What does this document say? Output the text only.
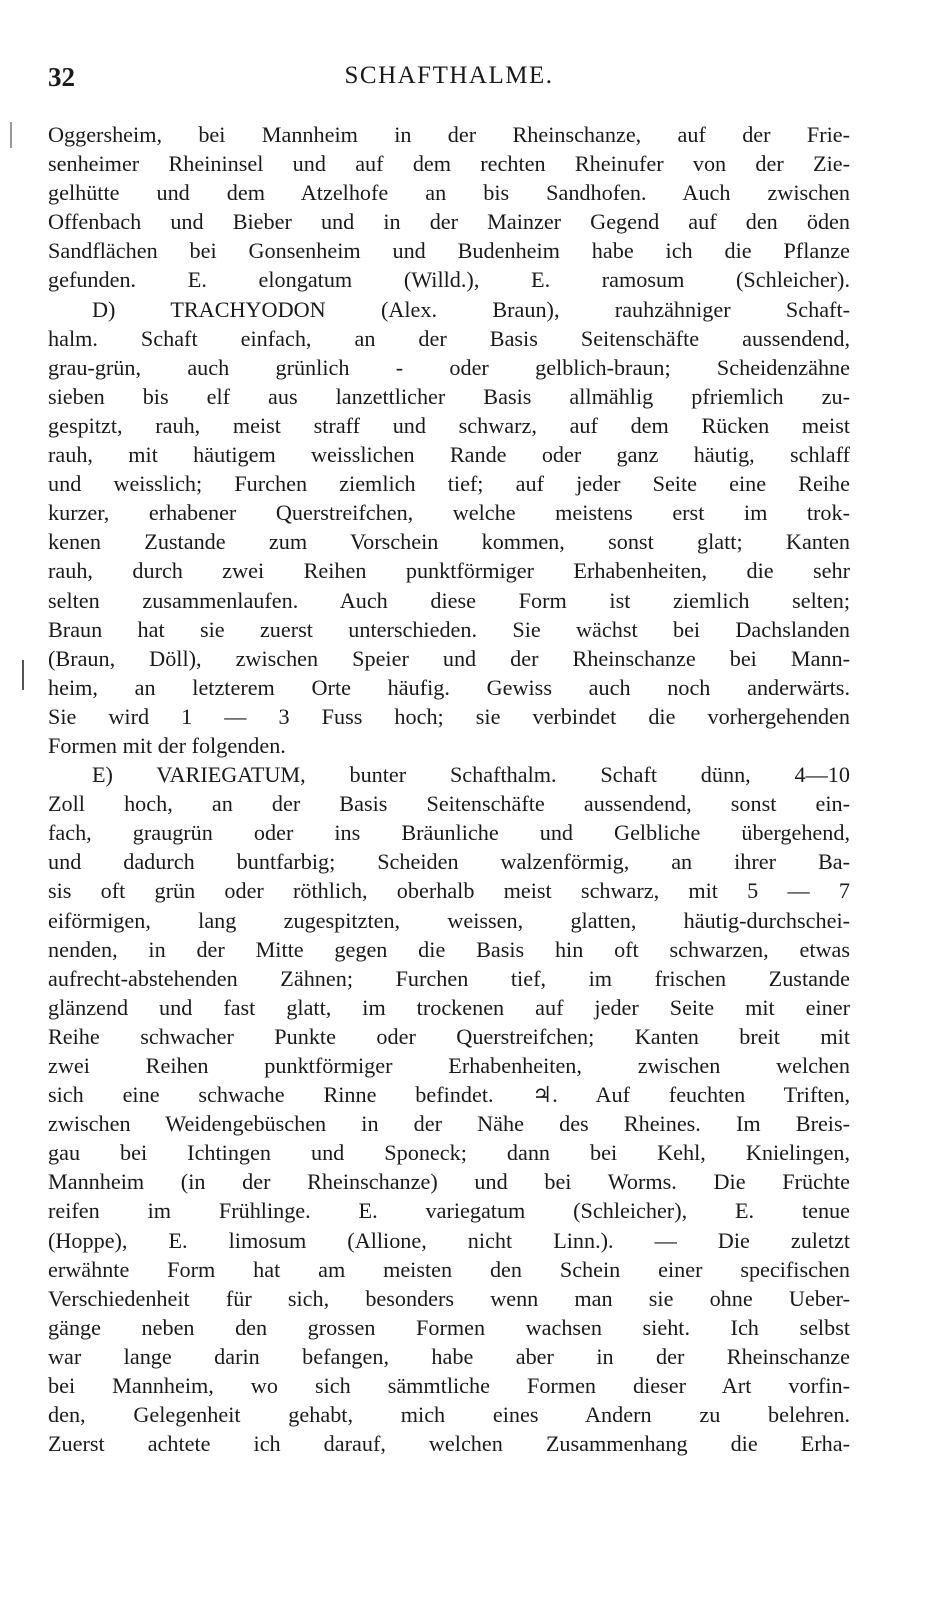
32	SCHAFTHALME.
Oggersheim, bei Mannheim in der Rheinschanze, auf der Frie-
senheimer Rheininsel und auf dem rechten Rheinufer von der Zie-
gelhütte und dem Atzelhofe an bis Sandhofen. Auch zwischen
Offenbach und Bieber und in der Mainzer Gegend auf den öden
Sandflächen bei Gonsenheim und Budenheim habe ich die Pflanze
gefunden. E. elongatum (Willd.), E. ramosum (Schleicher).
D) TRACHYODON (Alex. Braun), rauhzähniger Schaft-
halm. Schaft einfach, an der Basis Seitenschäfte aussendend,
grau-grün, auch grünlich - oder gelblich-braun; Scheidenzähne
sieben bis elf aus lanzettlicher Basis allmählig pfriemlich zu-
gespitzt, rauh, meist straff und schwarz, auf dem Rücken meist
rauh, mit häutigem weisslichen Rande oder ganz häutig, schlaff
und weisslich; Furchen ziemlich tief; auf jeder Seite eine Reihe
kurzer, erhabener Querstreifchen, welche meistens erst im trok-
kenen Zustande zum Vorschein kommen, sonst glatt; Kanten
rauh, durch zwei Reihen punktförmiger Erhabenheiten, die sehr
selten zusammenlaufen. Auch diese Form ist ziemlich selten;
Braun hat sie zuerst unterschieden. Sie wächst bei Dachslanden
(Braun, Döll), zwischen Speier und der Rheinschanze bei Mann-
heim, an letzterem Orte häufig. Gewiss auch noch anderwärts.
Sie wird 1 — 3 Fuss hoch; sie verbindet die vorhergehenden
Formen mit der folgenden.
E) VARIEGATUM, bunter Schafthalm. Schaft dünn, 4—10
Zoll hoch, an der Basis Seitenschäfte aussendend, sonst ein-
fach, graugrün oder ins Bräunliche und Gelbliche übergehend,
und dadurch buntfarbig; Scheiden walzenförmig, an ihrer Ba-
sis oft grün oder röthlich, oberhalb meist schwarz, mit 5 — 7
eiförmigen, lang zugespitzten, weissen, glatten, häutig-durchschei-
nenden, in der Mitte gegen die Basis hin oft schwarzen, etwas
aufrecht-abstehenden Zähnen; Furchen tief, im frischen Zustande
glänzend und fast glatt, im trockenen auf jeder Seite mit einer
Reihe schwacher Punkte oder Querstreifchen; Kanten breit mit
zwei Reihen punktförmiger Erhabenheiten, zwischen welchen
sich eine schwache Rinne befindet. ♃. Auf feuchten Triften,
zwischen Weidengebüschen in der Nähe des Rheines. Im Breis-
gau bei Ichtingen und Sponeck; dann bei Kehl, Knielingen,
Mannheim (in der Rheinschanze) und bei Worms. Die Früchte
reifen im Frühlinge. E. variegatum (Schleicher), E. tenue
(Hoppe), E. limosum (Allione, nicht Linn.). — Die zuletzt
erwähnte Form hat am meisten den Schein einer specifischen
Verschiedenheit für sich, besonders wenn man sie ohne Ueber-
gänge neben den grossen Formen wachsen sieht. Ich selbst
war lange darin befangen, habe aber in der Rheinschanze
bei Mannheim, wo sich sämmtliche Formen dieser Art vorfin-
den, Gelegenheit gehabt, mich eines Andern zu belehren.
Zuerst achtete ich darauf, welchen Zusammenhang die Erha-
